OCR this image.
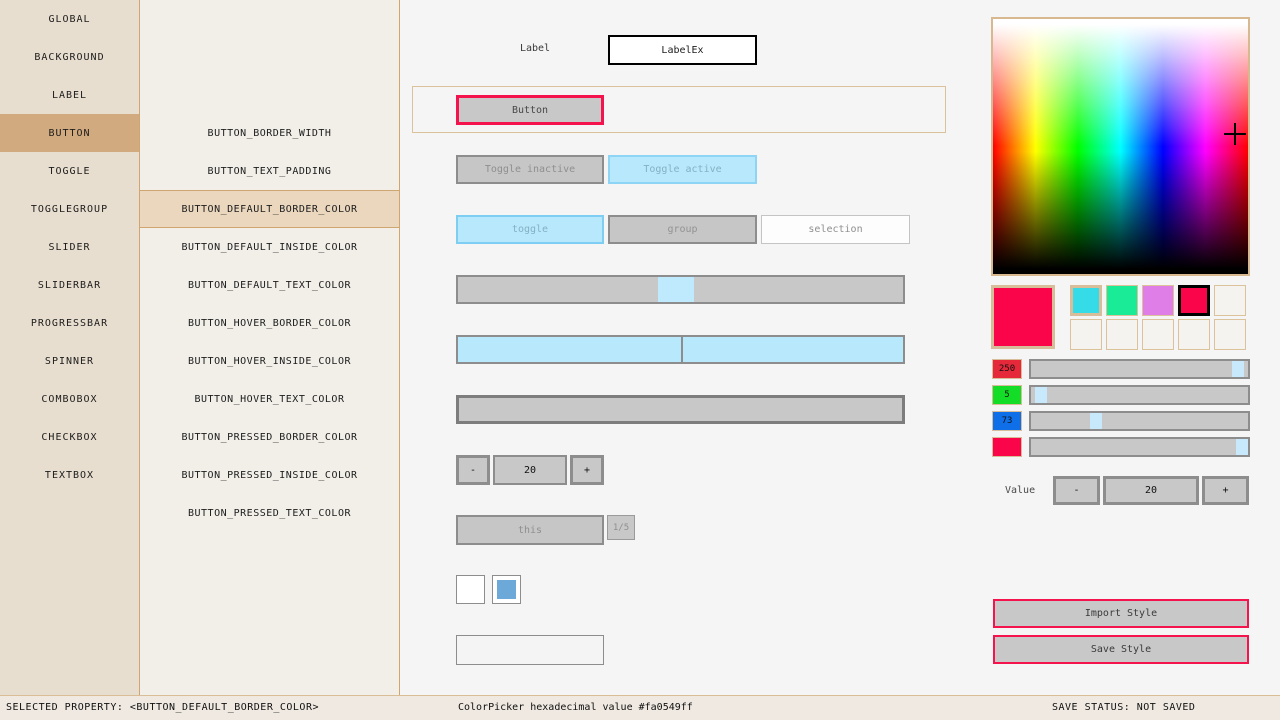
GLOBAL
BACKGROUND
LABEL
BUTTON
TOGGLE
TOGGLEGROUP
SLIDER
SLIDERBAR
PROGRESSBAR
SPINNER
COMBOBOX
CHECKBOX
TEXTBOX
BUTTON_BORDER_WIDTH
BUTTON_TEXT_PADDING
BUTTON_DEFAULT_BORDER_COLOR
BUTTON_DEFAULT_INSIDE_COLOR
BUTTON_DEFAULT_TEXT_COLOR
BUTTON_HOVER_BORDER_COLOR
BUTTON_HOVER_INSIDE_COLOR
BUTTON_HOVER_TEXT_COLOR
BUTTON_PRESSED_BORDER_COLOR
BUTTON_PRESSED_INSIDE_COLOR
BUTTON_PRESSED_TEXT_COLOR
Label	LabelEx
Button
Toggle inactive	Toggle active
toggle	group	selection
-	20	+
this	1/5
250
5
73
Value	-	20	+
Import Style
Save Style
SELECTED PROPERTY: <BUTTON_DEFAULT_BORDER_COLOR>	ColorPicker hexadecimal value #fa0549ff	SAVE STATUS: NOT SAVED
